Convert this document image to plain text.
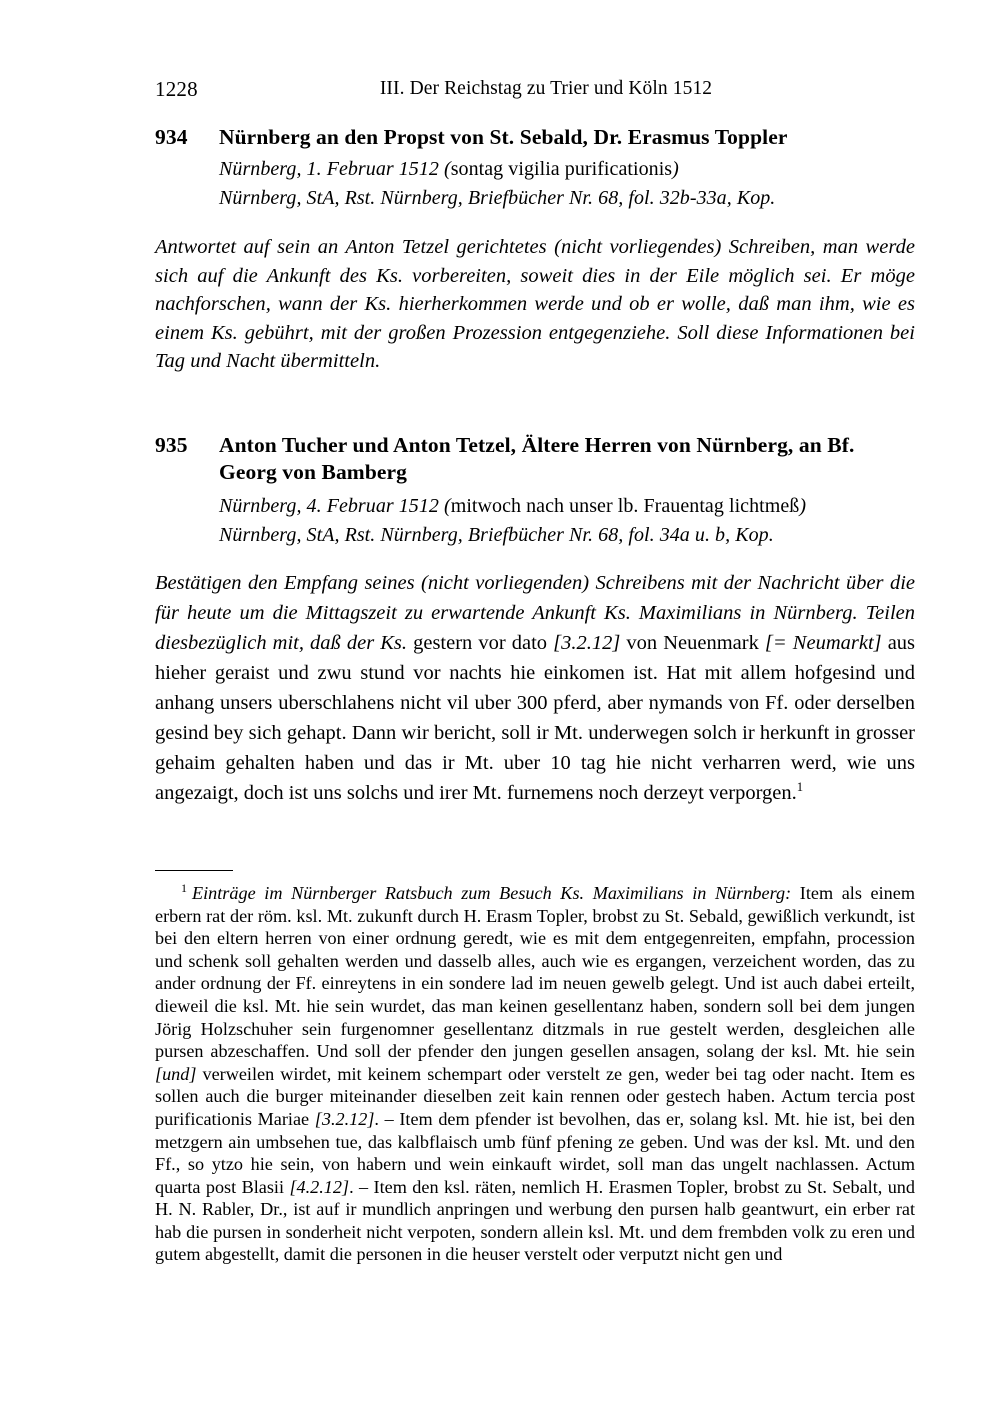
1228	III. Der Reichstag zu Trier und Köln 1512
934 Nürnberg an den Propst von St. Sebald, Dr. Erasmus Toppler
Nürnberg, 1. Februar 1512 (sontag vigilia purificationis)
Nürnberg, StA, Rst. Nürnberg, Briefbücher Nr. 68, fol. 32b-33a, Kop.
Antwortet auf sein an Anton Tetzel gerichtetes (nicht vorliegendes) Schreiben, man werde sich auf die Ankunft des Ks. vorbereiten, soweit dies in der Eile möglich sei. Er möge nachforschen, wann der Ks. hierherkommen werde und ob er wolle, daß man ihm, wie es einem Ks. gebührt, mit der großen Prozession entgegenziehe. Soll diese Informationen bei Tag und Nacht übermitteln.
935 Anton Tucher und Anton Tetzel, Ältere Herren von Nürnberg, an Bf. Georg von Bamberg
Nürnberg, 4. Februar 1512 (mitwoch nach unser lb. Frauentag lichtmeß)
Nürnberg, StA, Rst. Nürnberg, Briefbücher Nr. 68, fol. 34a u. b, Kop.
Bestätigen den Empfang seines (nicht vorliegenden) Schreibens mit der Nachricht über die für heute um die Mittagszeit zu erwartende Ankunft Ks. Maximilians in Nürnberg. Teilen diesbezüglich mit, daß der Ks. gestern vor dato [3.2.12] von Neuenmark [= Neumarkt] aus hieher geraist und zwu stund vor nachts hie einkomen ist. Hat mit allem hofgesind und anhang unsers uberschlahens nicht vil uber 300 pferd, aber nymands von Ff. oder derselben gesind bey sich gehapt. Dann wir bericht, soll ir Mt. underwegen solch ir herkunft in grosser gehaim gehalten haben und das ir Mt. uber 10 tag hie nicht verharren werd, wie uns angezaigt, doch ist uns solchs und irer Mt. furnemens noch derzeyt verporgen.$^1$
$^1$ Einträge im Nürnberger Ratsbuch zum Besuch Ks. Maximilians in Nürnberg: Item als einem erbern rat der röm. ksl. Mt. zukunft durch H. Erasm Topler, brobst zu St. Sebald, gewißlich verkundt, ist bei den eltern herren von einer ordnung geredt, wie es mit dem entgegenreiten, empfahn, procession und schenk soll gehalten werden und dasselb alles, auch wie es ergangen, verzeichent worden, das zu ander ordnung der Ff. einreytens in ein sondere lad im neuen gewelb gelegt. Und ist auch dabei erteilt, dieweil die ksl. Mt. hie sein wurdet, das man keinen gesellentanz haben, sondern soll bei dem jungen Jörig Holzschuher sein furgenomner gesellentanz ditzmals in rue gestelt werden, desgleichen alle pursen abzeschaffen. Und soll der pfender den jungen gesellen ansagen, solang der ksl. Mt. hie sein [und] verweilen wirdet, mit keinem schempart oder verstelt ze gen, weder bei tag oder nacht. Item es sollen auch die burger miteinander dieselben zeit kain rennen oder gestech haben. Actum tercia post purificationis Mariae [3.2.12]. – Item dem pfender ist bevolhen, das er, solang ksl. Mt. hie ist, bei den metzgern ain umbsehen tue, das kalbflaisch umb fünf pfening ze geben. Und was der ksl. Mt. und den Ff., so ytzo hie sein, von habern und wein einkauft wirdet, soll man das ungelt nachlassen. Actum quarta post Blasii [4.2.12]. – Item den ksl. räten, nemlich H. Erasmen Topler, brobst zu St. Sebalt, und H. N. Rabler, Dr., ist auf ir mundlich anpringen und werbung den pursen halb geantwurt, ein erber rat hab die pursen in sonderheit nicht verpoten, sondern allein ksl. Mt. und dem frembden volk zu eren und gutem abgestellt, damit die personen in die heuser verstelt oder verputzt nicht gen und
